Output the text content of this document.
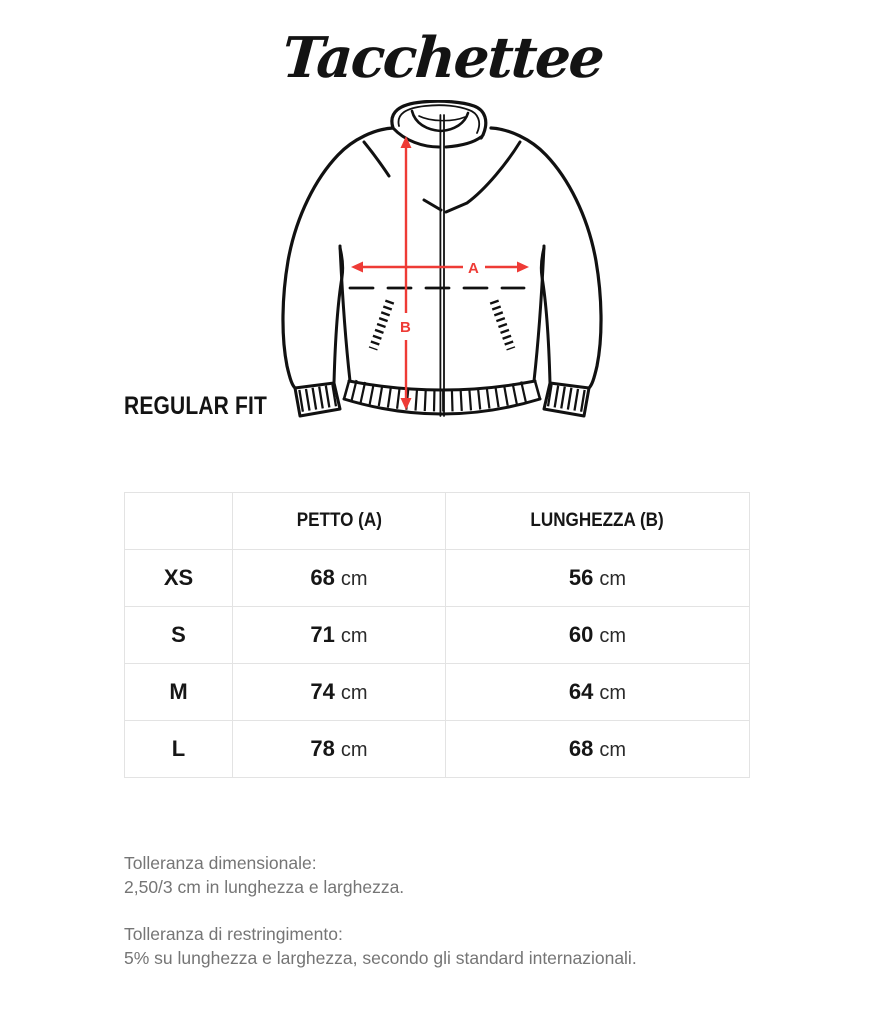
Tacchettee
A
B
REGULAR FIT
	PETTO (A)	LUNGHEZZA (B)
XS	68 cm	56 cm
S	71 cm	60 cm
M	74 cm	64 cm
L	78 cm	68 cm

Tolleranza dimensionale:

2,50/3 cm in lunghezza e larghezza.

Tolleranza di restringimento:

5% su lunghezza e larghezza, secondo gli standard internazionali.
